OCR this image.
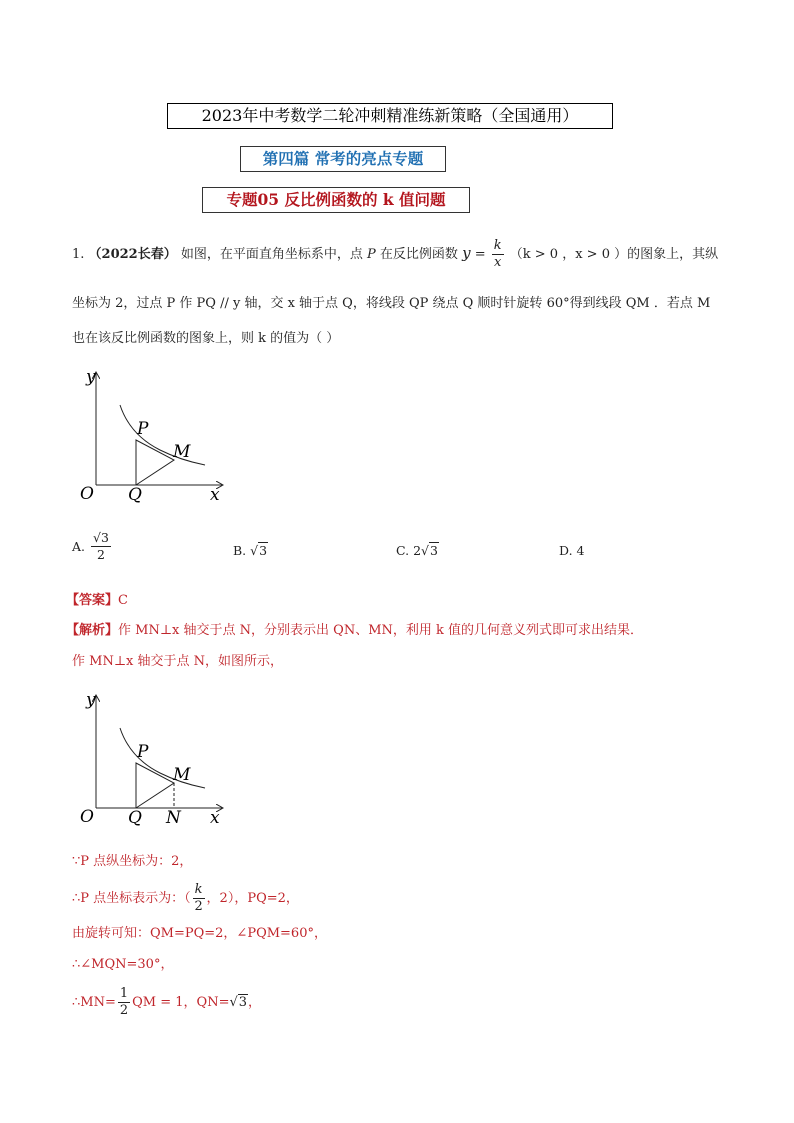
2023年中考数学二轮冲刺精准练新策略（全国通用）
第四篇 常考的亮点专题
专题05 反比例函数的 k 值问题
1. （2022长春） 如图，在平面直角坐标系中，点 P 在反比例函数 $y = \frac{k}{x} (k > 0$ ，x > 0 ）的图象上，其纵
坐标为 2，过点 P 作 PQ // y 轴，交 x 轴于点 Q，将线段 QP 绕点 Q 顺时针旋转 60°得到线段 QM ．若点 M
也在该反比例函数的图象上，则 k 的值为（ ）
y
x
O
P
Q
M
A. $\frac{√3}{2}$	B. √3	C. 2√3	D. 4
【答案】C
【解析】作 MN⊥x 轴交于点 N，分别表示出 QN、MN，利用 k 值的几何意义列式即可求出结果．
作 MN⊥x 轴交于点 N，如图所示，
y
x
O
P
Q
M
N
∵P 点纵坐标为：2，
∴P 点坐标表示为：（ $\frac{k}{2}$ ，2），PQ=2，
由旋转可知：QM=PQ=2，∠PQM=60°，
∴∠MQN=30°，
∴MN= $\frac{1}{2}$ QM = 1，QN=√3，
